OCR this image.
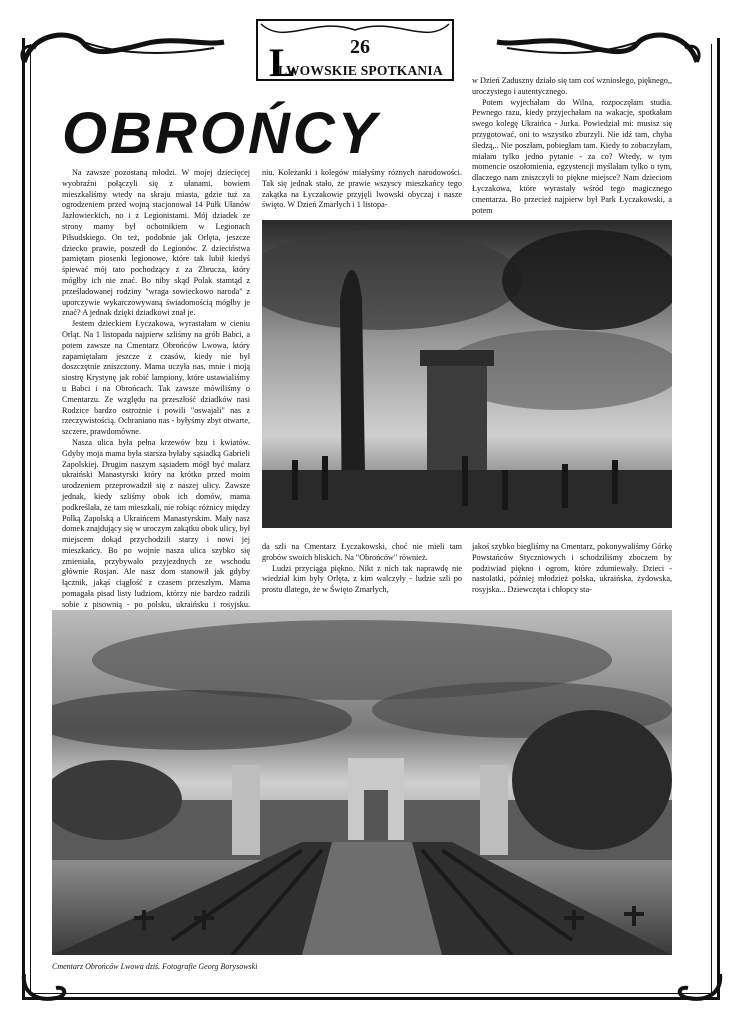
L	26
LWOWSKIE SPOTKANIA
OBROŃCY

Na zawsze pozostaną młodzi. W mojej dziecięcej wyobraźni połączyli się z ułanami, bowiem mieszkaliśmy wtedy na skraju miasta, gdzie tuż za ogrodzeniem przed wojną stacjonował 14 Pułk Ułanów Jazłowieckich, no i z Legionistami. Mój dziadek ze strony mamy był ochotnikiem w Legionach Piłsudskiego. On też, podobnie jak Orlęta, jeszcze dziecko prawie, poszedł do Legionów. Z dzieciństwa pamiętam piosenki legionowe, które tak lubił kiedyś śpiewać mój tato pochodzący z za Zbrucza, który mógłby ich nie znać. Bo niby skąd Polak stamtąd z prześladowanej rodziny "wraga sowieckowo naroda" z uporczywie wykarczowywaną świadomością mógłby je znać? A jednak dzięki dziadkowi znał je.

Jestem dzieckiem Łyczakowa, wyrastałam w cieniu Orląt. Na 1 listopada najpierw szliśmy na grób Babci, a potem zawsze na Cmentarz Obrońców Lwowa, który zapamiętałam jeszcze z czasów, kiedy nie był doszczętnie zniszczony. Mama uczyła nas, mnie i moją siostrę Krystynę jak robić lampiony, które ustawialiśmy u Babci i na Obrońcach. Tak zawsze mówiliśmy o Cmentarzu. Ze względu na przeszłość dziadków nasi Rodzice bardzo ostrożnie i powili "oswajali" nas z rzeczywistością. Ochraniano nas - byłyśmy zbyt otwarte, szczere, prawdomówne.

Nasza ulica była pełna krzewów bzu i kwiatów. Gdyby moja mama była starsza byłaby sąsiadką Gabrieli Zapolskiej. Drugim naszym sąsiadem mógł być malarz ukraiński Manastyrski który na krótko przed moim urodzeniem przeprowadził się z naszej ulicy. Zawsze jednak, kiedy szliśmy obok ich domów, mama podkreślała, że tam mieszkali, nie robiąc różnicy między Polką Zapolską a Ukraińcem Manastyrskim. Mały nasz domek znajdujący się w uroczym zakątku obok ulicy, był miejscem dokąd przychodzili starzy i nowi jej mieszkańcy. Bo po wojnie nasza ulica szybko się zmieniała, przybywało przyjezdnych ze wschodu głównie Rosjan. Ale nasz dom stanowił jak gdyby łącznik, jakąś ciągłość z czasem przeszłym. Mama pomagała pisad listy ludziom, którzy nie bardzo radzili sobie z pisownią - po polsku, ukraińsku i rosyjsku.

niu. Koleżanki i kolegów miałyśmy różnych narodowości. Tak się jednak stało, że prawie wszyscy mieszkańcy tego zakątka na Łyczakowie przyjęli lwowski obyczaj i nasze święto. W Dzień Zmarłych i 1 listopa-

w Dzień Zaduszny działo się tam coś wzniosłego, pięknego,, uroczystego i autentycznego.

Potem wyjechałam do Wilna, rozpoczęłam studia. Pewnego razu, kiedy przyjechałam na wakacje, spotkałam swego kolegę Ukraińca - Jurka. Powiedział mi: musisz się przygotować, oni to wszystko zburzyli. Nie idź tam, chyba śledzą,.. Nie poszłam, pobiegłam tam. Kiedy to zobaczyłam, miałam tylko jedno pytanie - za co? Wtedy, w tym momencie oszołomienia, egzystencji myślałam tylko o tym, dlaczego nam zniszczyli to piękne miejsce? Nam dzieciom Łyczakowa, które wyrastały wśród tego magicznego cmentarza. Bo przecież najpierw był Park Łyczakowski, a potem

da szli na Cmentarz Łyczakowski, choć nie mieli tam grobów swoich bliskich. Na "Obrońców" również.

Ludzi przyciąga piękno. Nikt z nich tak naprawdę nie wiedział kim były Orlęta, z kim walczyły - ludzie szli po prostu dlatego, że w Święto Zmarłych,

jakoś szybko biegliśmy na Cmentarz, pokonywaliśmy Górkę Powstańców Styczniowych i schodziliśmy zboczem by podziwiad piękno i ogrom, które zdumiewały. Dzieci - nastolatki, później młodzież polska, ukraińska, żydowska, rosyjska... Dziewczęta i chłopcy sta-

Cmentarz Obrońców Lwowa dziś. Fotografie Georg Borysowski
